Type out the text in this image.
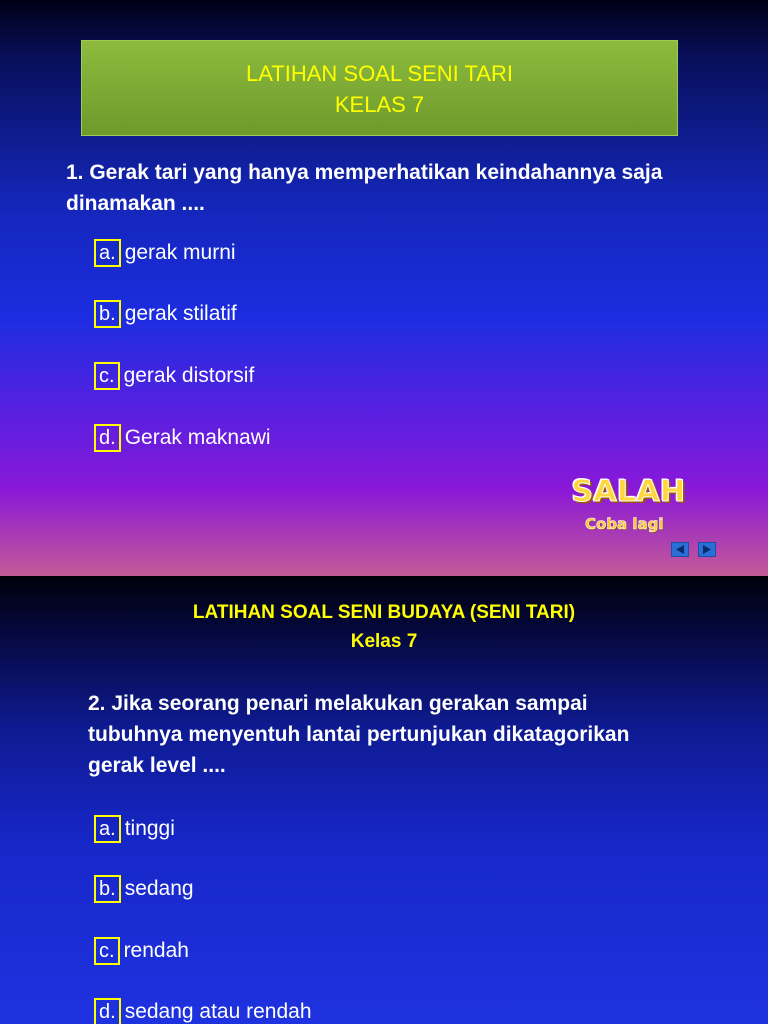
LATIHAN SOAL SENI TARI
KELAS 7
1. Gerak tari yang hanya memperhatikan keindahannya saja
dinamakan ....
a. gerak murni
b. gerak stilatif
c. gerak distorsif
d. Gerak maknawi
SALAH
Coba lagi
LATIHAN SOAL SENI BUDAYA (SENI TARI)
Kelas 7
2. Jika seorang penari melakukan gerakan sampai
tubuhnya menyentuh lantai pertunjukan dikatagorikan
gerak level ....
a. tinggi
b. sedang
c. rendah
d. sedang atau rendah
